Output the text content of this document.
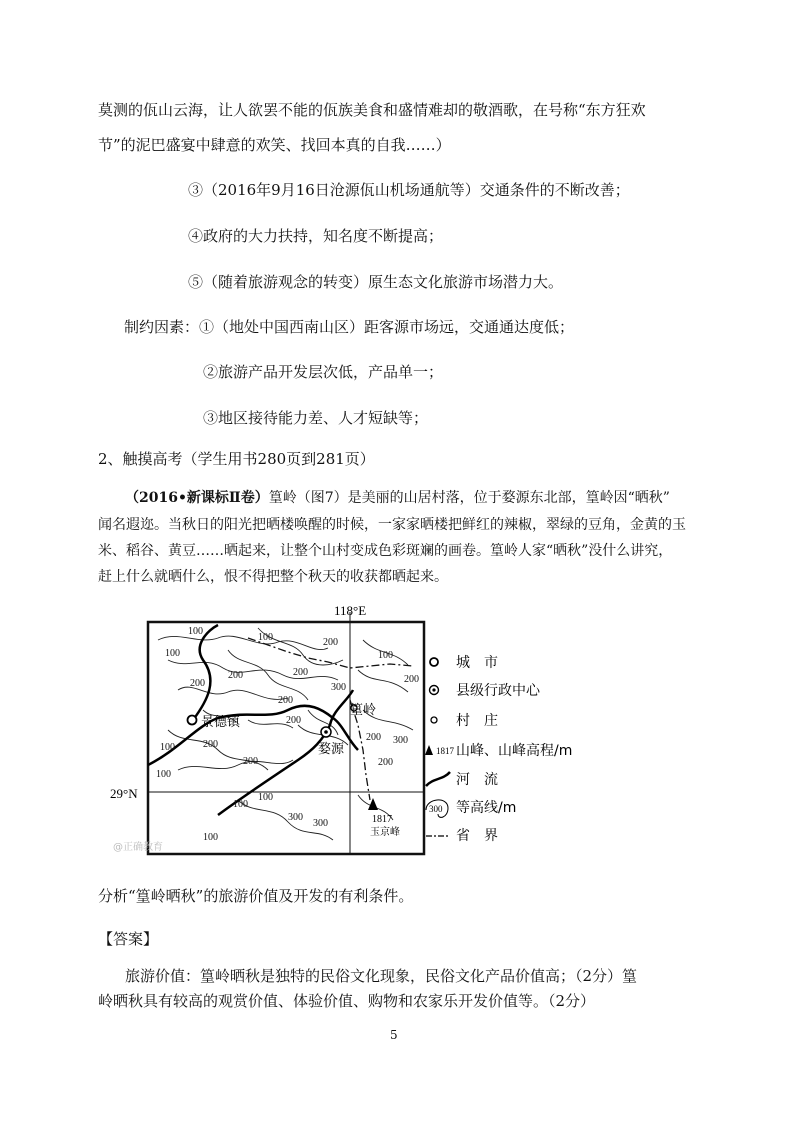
莫测的佤山云海，让人欲罢不能的佤族美食和盛情难却的敬酒歌，在号称“东方狂欢
节”的泥巴盛宴中肆意的欢笑、找回本真的自我……）
③（2016年9月16日沧源佤山机场通航等）交通条件的不断改善；
④政府的大力扶持，知名度不断提高；
⑤（随着旅游观念的转变）原生态文化旅游市场潜力大。
制约因素：①（地处中国西南山区）距客源市场远，交通通达度低；
②旅游产品开发层次低，产品单一；
③地区接待能力差、人才短缺等；
2、触摸高考（学生用书280页到281页）
（2016•新课标Ⅱ卷）篁岭（图7）是美丽的山居村落，位于婺源东北部，篁岭因“晒秋”
闻名遐迩。当秋日的阳光把晒楼唤醒的时候，一家家晒楼把鲜红的辣椒，翠绿的豆角，金黄的玉
米、稻谷、黄豆……晒起来，让整个山村变成色彩斑斓的画卷。篁岭人家“晒秋”没什么讲究，
赶上什么就晒什么，恨不得把整个秋天的收获都晒起来。
118°E
29°N
景德镇
婺源
篁岭
1817
玉京峰
100
100
100
200
200
200	200
200
200
100
100
200
200
300
300
200
300
200
100
100
300
100
200
100
城　市
县级行政中心
村　庄
1817 山峰、山峰高程/m
河　流
300 等高线/m
省　界
@正确教育
分析“篁岭晒秋”的旅游价值及开发的有利条件。
【答案】
旅游价值：篁岭晒秋是独特的民俗文化现象，民俗文化产品价值高；（2分）篁
岭晒秋具有较高的观赏价值、体验价值、购物和农家乐开发价值等。（2分）
5
